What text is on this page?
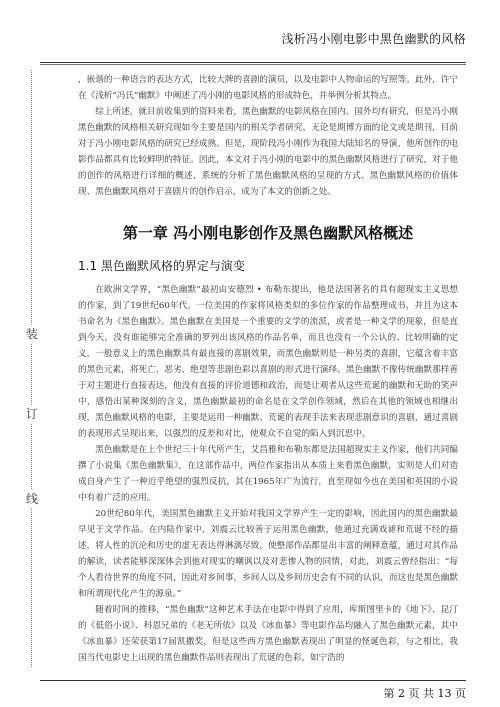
浅析冯小刚电影中黑色幽默的风格
装
订
线

，嵌谐的一种语言的表达方式，比较大牌的喜剧的演员，以及电影中人物命运的写照等。此外，许宁在《浅析“冯氏”幽默》中阐述了冯小刚的电影风格的形成特色，并举例分析其特点。

综上所述，就目前收集到的资料来看，黑色幽默的电影风格在国内、国外均有研究，但是冯小刚黑色幽默的风格相关研究现如今主要是国内的相关学者研究，无论是期博方面的论文或是期刊，目前对于冯小刚电影风格的研究已经成熟。但是，现阶段冯小刚作为我国大陆知名的导演，他所创作的电影作品都具有比较鲜明的特征。因此，本文对于冯小刚的电影中的黑色幽默风格进行了研究，对于他的创作的风格进行详细的概述，系统的分析了黑色幽默风格的呈现的方式、黑色幽默风格的价值体现、黑色幽默风格对于喜剧片的创作启示，成为了本文的创新之处。

第一章 冯小刚电影创作及黑色幽默风格概述
1.1 黑色幽默风格的界定与演变

在欧洲文学界，“黑色幽默”最初由安德烈 • 布勒东提出，他是法国著名的具有超现实主义思想的作家，到了19世纪60年代，一位美国的作家将风格类似的多位作家的作品整理成书，并且为这本书命名为《黑色幽默》。黑色幽默在美国是一个重要的文学的流派，或者是一种文学的现象，但是直到今天，没有谁能够完全准确的罗列出该风格的作品名单，而且也没有一个公认的、比较明确的定义，一般意义上的黑色幽默具有最直接的喜剧效果，而黑色幽默则是一种另类的喜剧，它蕴含着丰富的黑色元素，将死亡、恶劣、绝望等悲剧色彩以喜剧的形式进行演绎。黑色幽默不像传统幽默那样善于对主题进行直接表达，他没有直接的评价道德和政治，而是让观者从这些荒诞的幽默和无助的笑声中，感悟出某种深刻的含义，黑色幽默最初的命名是在文学创作领域，然后在其他的领域也相继出现，黑色幽默风格的电影，主要是运用一种幽默、荒诞的表现手法来表现悲剧意识的喜剧，通过喜剧的表现形式呈现出来，以强烈的反差和对比，使观众不自觉的陷入到沉思中。

黑色幽默是在上个世纪三十年代所产生，艾昌雅和布勒东都是法国超现实主义作家，他们共同编撰了小说集《黑色幽默集》，在这部作品中，两位作家指出从本质上来看黑色幽默，实则是人们对造成自身产生了一种近乎绝望的强烈反抗，其在1965年广为流行，直至现如今也在美国和英国的小说中有着广泛的应用。

20世纪80年代，美国黑色幽默主义开始对我国文学界产生一定的影响，因此国内的黑色幽默最早见于文学作品。在内陆作家中，刘震云比较善于运用黑色幽默，他通过充满戏谑和荒诞不经的描述，将人性的沉沦和历史的虚无表达得淋漓尽致，使整部作品都显出丰富的阐释意蕴，通过对其作品的解读，读者能够深深体会到他对现实的嘲讽以及对悲惨人物的同情，对此，刘震云曾经指出：“每个人看待世界的角度不同，因此对乡间事，乡间人以及乡间历史会有不同的认识，而这也是黑色幽默和所谓现代化产生的源泉。”

随着时间的推移，“黑色幽默”这种艺术手法在电影中得到了应用，库斯图里卡的《地下》、昆汀的《低俗小说》、科恩兄弟的《老无所依》以及《冰血暴》等电影作品均融入了黑色幽默元素，其中《冰血暴》还荣获第17届凯撒奖，但是这些西方黑色幽默表现出了明显的怪诞色彩，与之相比，我国当代电影史上出现的黑色幽默作品则表现出了荒诞的色彩，如宁浩的

第 2 页 共 13 页
